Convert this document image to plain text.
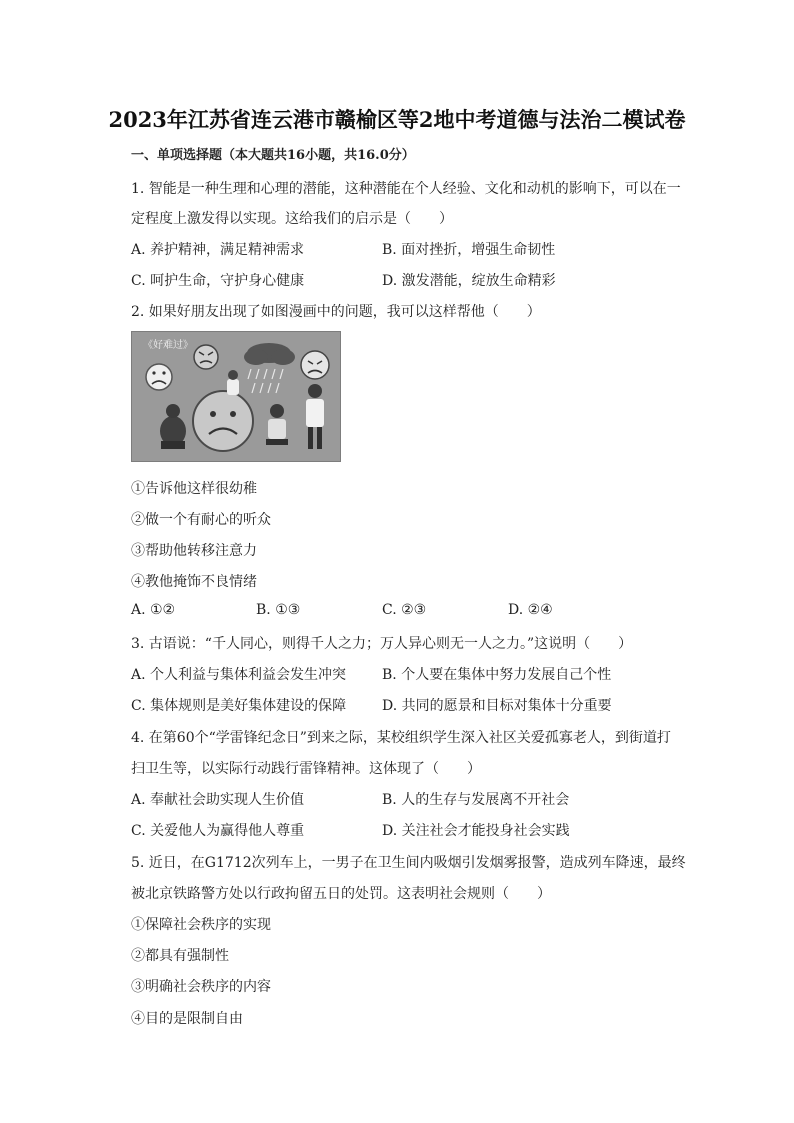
2023年江苏省连云港市赣榆区等2地中考道德与法治二模试卷
一、单项选择题（本大题共16小题，共16.0分）
1. 智能是一种生理和心理的潜能，这种潜能在个人经验、文化和动机的影响下，可以在一
定程度上激发得以实现。这给我们的启示是（　　）
A. 养护精神，满足精神需求	B. 面对挫折，增强生命韧性
C. 呵护生命，守护身心健康	D. 激发潜能，绽放生命精彩
2. 如果好朋友出现了如图漫画中的问题，我可以这样帮他（　　）
《好难过》
①告诉他这样很幼稚
②做一个有耐心的听众
③帮助他转移注意力
④教他掩饰不良情绪
A. ①②	B. ①③	C. ②③	D. ②④
3. 古语说：“千人同心，则得千人之力；万人异心则无一人之力。”这说明（　　）
A. 个人利益与集体利益会发生冲突	B. 个人要在集体中努力发展自己个性
C. 集体规则是美好集体建设的保障	D. 共同的愿景和目标对集体十分重要
4. 在第60个“学雷锋纪念日”到来之际，某校组织学生深入社区关爱孤寡老人，到街道打
扫卫生等，以实际行动践行雷锋精神。这体现了（　　）
A. 奉献社会助实现人生价值	B. 人的生存与发展离不开社会
C. 关爱他人为赢得他人尊重	D. 关注社会才能投身社会实践
5. 近日，在G1712次列车上，一男子在卫生间内吸烟引发烟雾报警，造成列车降速，最终
被北京铁路警方处以行政拘留五日的处罚。这表明社会规则（　　）
①保障社会秩序的实现
②都具有强制性
③明确社会秩序的内容
④目的是限制自由
